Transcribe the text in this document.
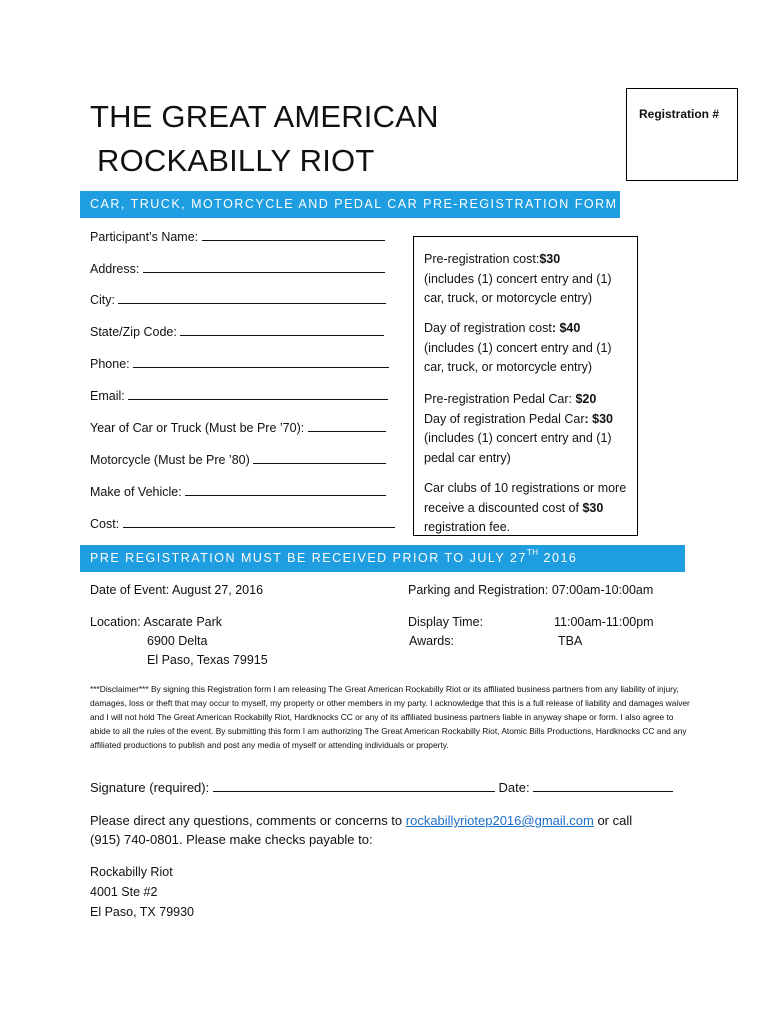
THE GREAT AMERICAN
ROCKABILLY RIOT
Registration #
CAR, TRUCK, MOTORCYCLE AND PEDAL CAR PRE-REGISTRATION FORM
Participant’s Name:
Address:
City:
State/Zip Code:
Phone:
Email:
Year of Car or Truck (Must be Pre ’70):
Motorcycle (Must be Pre ’80)
Make of Vehicle:
Cost:
Pre-registration cost:$30
(includes (1) concert entry and (1) car, truck, or motorcycle entry)
Day of registration cost: $40
(includes (1) concert entry and (1) car, truck, or motorcycle entry)
Pre-registration Pedal Car: $20
Day of registration Pedal Car: $30
(includes (1) concert entry and (1) pedal car entry)
Car clubs of 10 registrations or more receive a discounted cost of $30 registration fee.
PRE REGISTRATION MUST BE RECEIVED PRIOR TO JULY 27TH 2016
Date of Event: August 27, 2016	Parking and Registration: 07:00am-10:00am
Location: Ascarate Park
6900 Delta
El Paso, Texas 79915
Display Time:	11:00am-11:00pm
Awards:	TBA
***Disclaimer*** By signing this Registration form I am releasing The Great American Rockabilly Riot or its affiliated business partners from any liability of injury, damages, loss or theft that may occur to myself, my property or other members in my party. I acknowledge that this is a full release of liability and damages waiver and I will not hold The Great American Rockabilly Riot, Hardknocks CC or any of its affiliated business partners liable in anyway shape or form. I also agree to abide to all the rules of the event. By submitting this form I am authorizing The Great American Rockabilly Riot, Atomic Bills Productions, Hardknocks CC and any affiliated productions to publish and post any media of myself or attending individuals or property.
Signature (required):	Date:
Please direct any questions, comments or concerns to rockabillyriotep2016@gmail.com or call
(915) 740-0801. Please make checks payable to:
Rockabilly Riot
4001 Ste #2
El Paso, TX 79930
